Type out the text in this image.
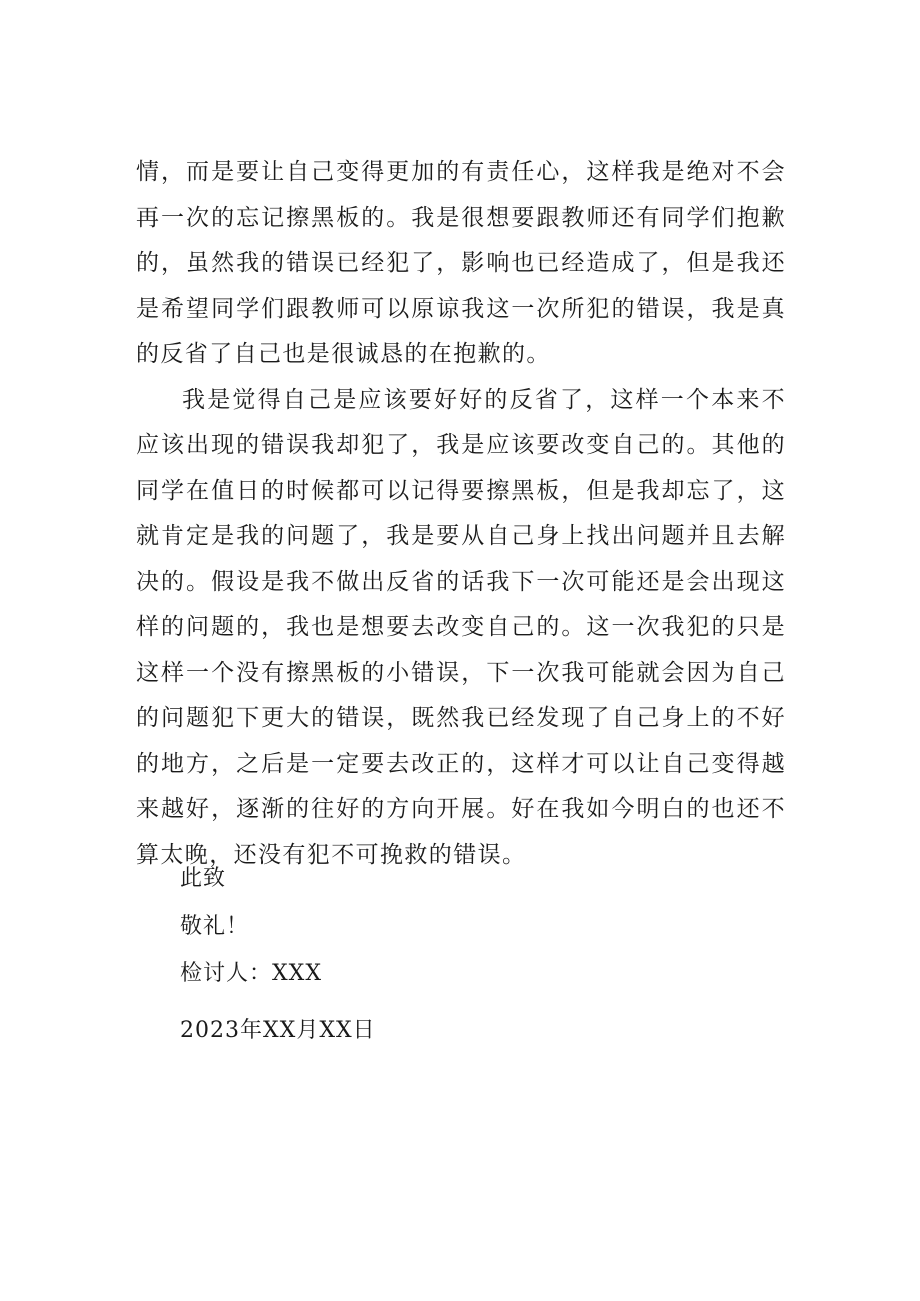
情，而是要让自己变得更加的有责任心，这样我是绝对不会再一次的忘记擦黑板的。我是很想要跟教师还有同学们抱歉的，虽然我的错误已经犯了，影响也已经造成了，但是我还是希望同学们跟教师可以原谅我这一次所犯的错误，我是真的反省了自己也是很诚恳的在抱歉的。

我是觉得自己是应该要好好的反省了，这样一个本来不应该出现的错误我却犯了，我是应该要改变自己的。其他的同学在值日的时候都可以记得要擦黑板，但是我却忘了，这就肯定是我的问题了，我是要从自己身上找出问题并且去解决的。假设是我不做出反省的话我下一次可能还是会出现这样的问题的，我也是想要去改变自己的。这一次我犯的只是这样一个没有擦黑板的小错误，下一次我可能就会因为自己的问题犯下更大的错误，既然我已经发现了自己身上的不好的地方，之后是一定要去改正的，这样才可以让自己变得越来越好，逐渐的往好的方向开展。好在我如今明白的也还不算太晚，还没有犯不可挽救的错误。

此致

敬礼！

检讨人：XXX

2023年XX月XX日
